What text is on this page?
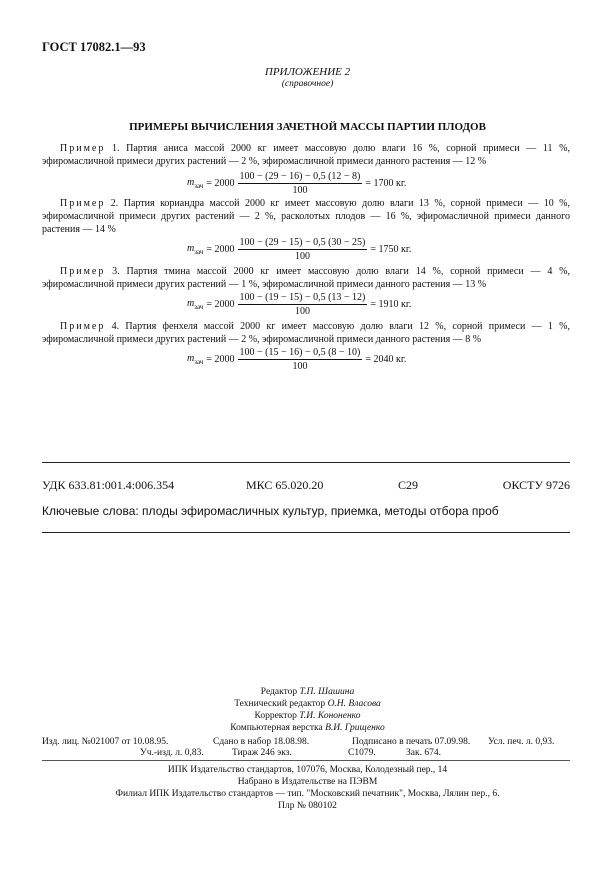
ГОСТ 17082.1—93
ПРИЛОЖЕНИЕ 2
(справочное)
ПРИМЕРЫ ВЫЧИСЛЕНИЯ ЗАЧЕТНОЙ МАССЫ ПАРТИИ ПЛОДОВ
Пример 1. Партия аниса массой 2000 кг имеет массовую долю влаги 16 %, сорной примеси — 11 %, эфиромасличной примеси других растений — 2 %, эфиромасличной примеси данного растения — 12 %
$m_{зач} = 2000 \frac{100 - (29 - 16) - 0,5 (12 - 8)}{100} = 1700$ кг.
Пример 2. Партия кориандра массой 2000 кг имеет массовую долю влаги 13 %, сорной примеси — 10 %, эфиромасличной примеси других растений — 2 %, расколотых плодов — 16 %, эфиромасличной примеси данного растения — 14 %
$m_{зач} = 2000 \frac{100 - (29 - 15) - 0,5 (30 - 25)}{100} = 1750$ кг.
Пример 3. Партия тмина массой 2000 кг имеет массовую долю влаги 14 %, сорной примеси — 4 %, эфиромасличной примеси других растений — 1 %, эфиромасличной примеси данного растения — 13 %
$m_{зач} = 2000 \frac{100 - (19 - 15) - 0,5 (13 - 12)}{100} = 1910$ кг.
Пример 4. Партия фенхеля массой 2000 кг имеет массовую долю влаги 12 %, сорной примеси — 1 %, эфиромасличной примеси других растений — 2 %, эфиромасличной примеси данного растения — 8 %
$m_{зач} = 2000 \frac{100 - (15 - 16) - 0,5 (8 - 10)}{100} = 2040$ кг.
УДК 633.81:001.4:006.354	МКС 65.020.20	С29	ОКСТУ 9726
Ключевые слова: плоды эфиромасличных культур, приемка, методы отбора проб
Редактор Т.П. Шашина
Технический редактор О.Н. Власова
Корректор Т.И. Кононенко
Компьютерная верстка В.И. Грищенко
Изд. лиц. №021007 от 10.08.95.	Сдано в набор 18.08.98.	Подписано в печать 07.09.98. Усл. печ. л. 0,93.
Уч.-изд. л. 0,83.	Тираж 246 экз.	С1079.	Зак. 674.
ИПК Издательство стандартов, 107076, Москва, Колодезный пер., 14
Набрано в Издательстве на ПЭВМ
Филиал ИПК Издательство стандартов — тип. "Московский печатник", Москва, Лялин пер., 6.
Плр № 080102
